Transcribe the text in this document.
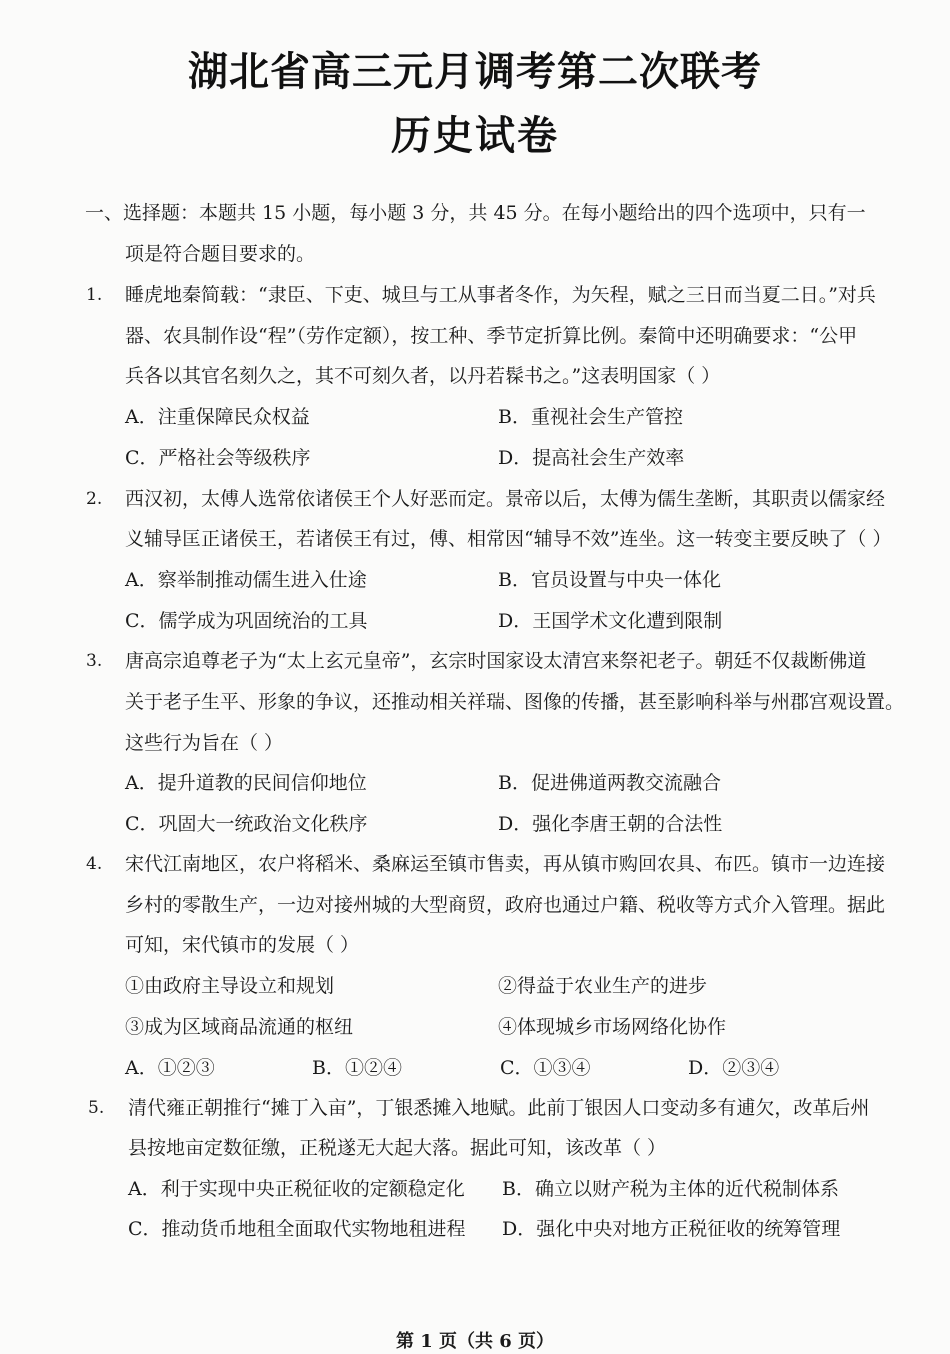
湖北省高三元月调考第二次联考
历史试卷
一、选择题：本题共 15 小题，每小题 3 分，共 45 分。在每小题给出的四个选项中，只有一
项是符合题目要求的。
1. 睡虎地秦简载：“隶臣、下吏、城旦与工从事者冬作，为矢程，赋之三日而当夏二日。”对兵
器、农具制作设“程”（劳作定额），按工种、季节定折算比例。秦简中还明确要求：“公甲
兵各以其官名刻久之，其不可刻久者，以丹若髹书之。”这表明国家（ ）
A．注重保障民众权益	B．重视社会生产管控
C．严格社会等级秩序	D．提高社会生产效率
2. 西汉初，太傅人选常依诸侯王个人好恶而定。景帝以后，太傅为儒生垄断，其职责以儒家经
义辅导匡正诸侯王，若诸侯王有过，傅、相常因“辅导不效”连坐。这一转变主要反映了（ ）
A．察举制推动儒生进入仕途	B．官员设置与中央一体化
C．儒学成为巩固统治的工具	D．王国学术文化遭到限制
3. 唐高宗追尊老子为“太上玄元皇帝”，玄宗时国家设太清宫来祭祀老子。朝廷不仅裁断佛道
关于老子生平、形象的争议，还推动相关祥瑞、图像的传播，甚至影响科举与州郡宫观设置。
这些行为旨在（ ）
A．提升道教的民间信仰地位	B．促进佛道两教交流融合
C．巩固大一统政治文化秩序	D．强化李唐王朝的合法性
4. 宋代江南地区，农户将稻米、桑麻运至镇市售卖，再从镇市购回农具、布匹。镇市一边连接
乡村的零散生产，一边对接州城的大型商贸，政府也通过户籍、税收等方式介入管理。据此
可知，宋代镇市的发展（ ）
①由政府主导设立和规划	②得益于农业生产的进步
③成为区域商品流通的枢纽	④体现城乡市场网络化协作
A．①②③	B．①②④	C．①③④	D．②③④
5. 清代雍正朝推行“摊丁入亩”，丁银悉摊入地赋。此前丁银因人口变动多有逋欠，改革后州
县按地亩定数征缴，正税遂无大起大落。据此可知，该改革（ ）
A．利于实现中央正税征收的定额稳定化 B．确立以财产税为主体的近代税制体系
C．推动货币地租全面取代实物地租进程 D．强化中央对地方正税征收的统筹管理
第 1 页（共 6 页）
